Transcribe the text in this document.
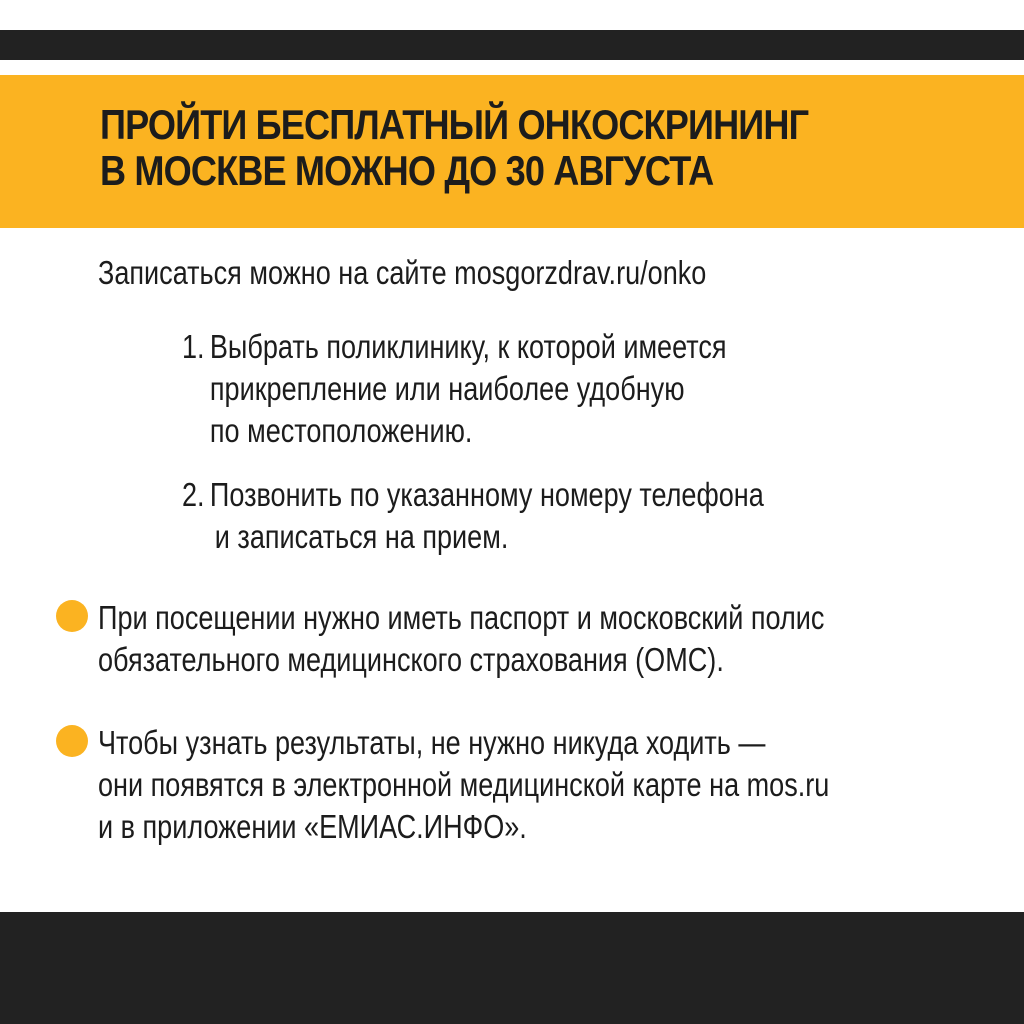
ПРОЙТИ БЕСПЛАТНЫЙ ОНКОСКРИНИНГ
В МОСКВЕ МОЖНО ДО 30 АВГУСТА

Записаться можно на сайте mosgorzdrav.ru/onko

1. Выбрать поликлинику, к которой имеется
прикрепление или наиболее удобную
по местоположению.

2. Позвонить по указанному номеру телефона
и записаться на прием.

При посещении нужно иметь паспорт и московский полис
обязательного медицинского страхования (ОМС).

Чтобы узнать результаты, не нужно никуда ходить —
они появятся в электронной медицинской карте на mos.ru
и в приложении «ЕМИАС.ИНФО».
